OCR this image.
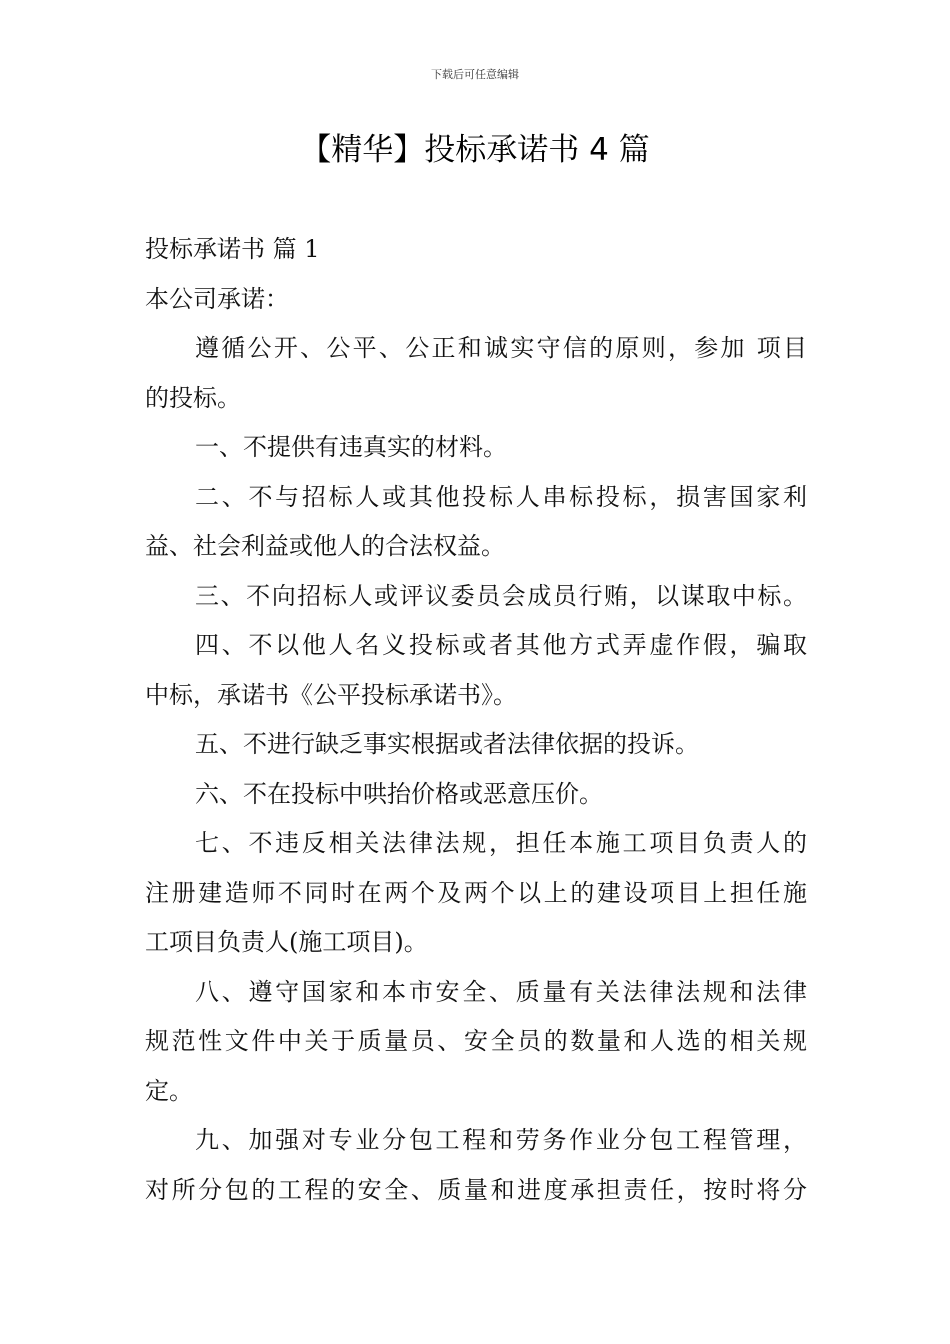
下载后可任意编辑
【精华】投标承诺书 4 篇
投标承诺书 篇 1
本公司承诺：
遵循公开、公平、公正和诚实守信的原则，参加 项目
的投标。
一、不提供有违真实的材料。
二、不与招标人或其他投标人串标投标，损害国家利
益、社会利益或他人的合法权益。
三、不向招标人或评议委员会成员行贿，以谋取中标。
四、不以他人名义投标或者其他方式弄虚作假，骗取
中标，承诺书《公平投标承诺书》。
五、不进行缺乏事实根据或者法律依据的投诉。
六、不在投标中哄抬价格或恶意压价。
七、不违反相关法律法规，担任本施工项目负责人的
注册建造师不同时在两个及两个以上的建设项目上担任施
工项目负责人(施工项目)。
八、遵守国家和本市安全、质量有关法律法规和法律
规范性文件中关于质量员、安全员的数量和人选的相关规
定。
九、加强对专业分包工程和劳务作业分包工程管理，
对所分包的工程的安全、质量和进度承担责任，按时将分
